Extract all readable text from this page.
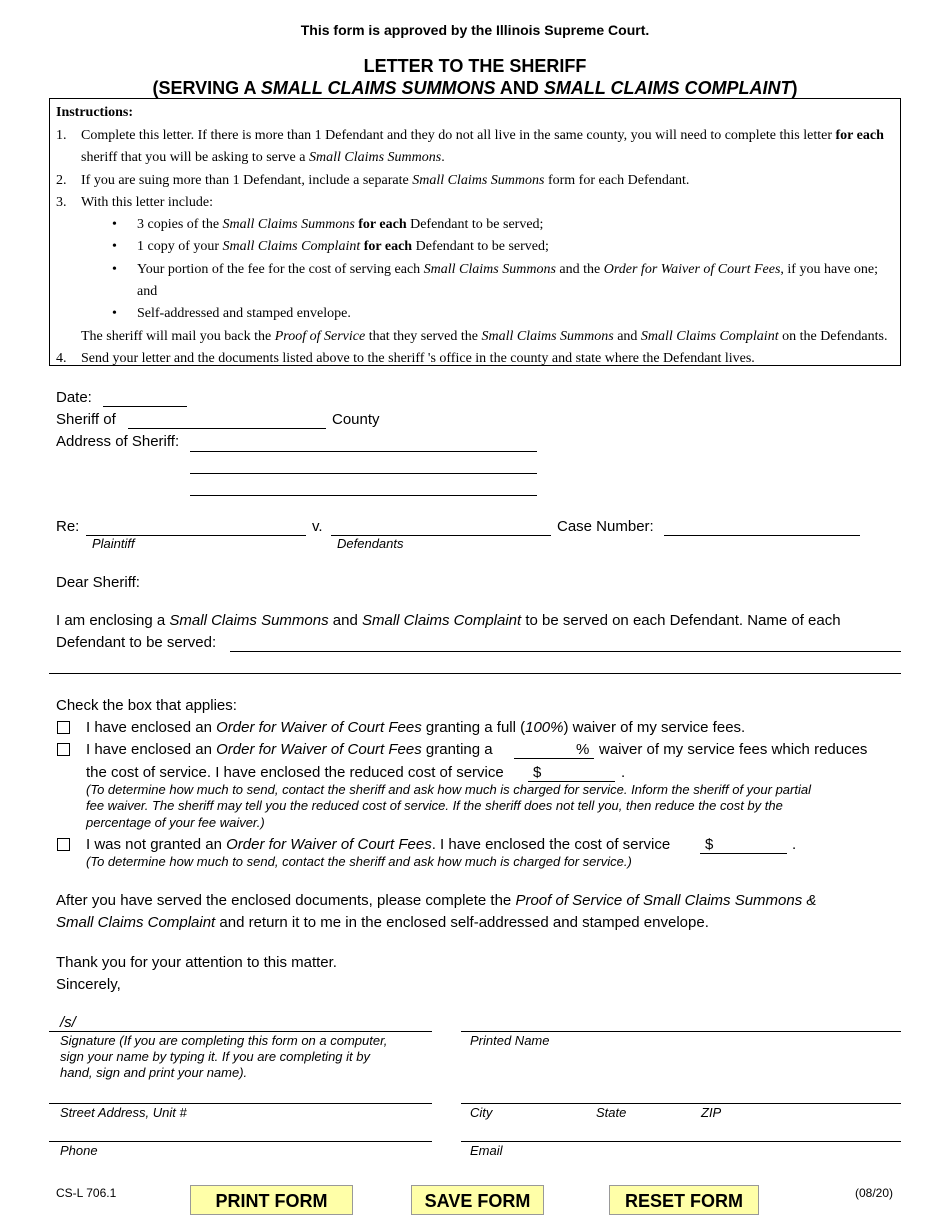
This form is approved by the Illinois Supreme Court.
LETTER TO THE SHERIFF
(SERVING A SMALL CLAIMS SUMMONS AND SMALL CLAIMS COMPLAINT)
Instructions:
1. Complete this letter. If there is more than 1 Defendant and they do not all live in the same county, you will need to complete this letter for each
sheriff that you will be asking to serve a Small Claims Summons.
2. If you are suing more than 1 Defendant, include a separate Small Claims Summons form for each Defendant.
3. With this letter include:
• 3 copies of the Small Claims Summons for each Defendant to be served;
• 1 copy of your Small Claims Complaint for each Defendant to be served;
• Your portion of the fee for the cost of serving each Small Claims Summons and the Order for Waiver of Court Fees, if you have one;
and
• Self-addressed and stamped envelope.
The sheriff will mail you back the Proof of Service that they served the Small Claims Summons and Small Claims Complaint on the Defendants.
4. Send your letter and the documents listed above to the sheriff 's office in the county and state where the Defendant lives.
Date:
Sheriff of	County
Address of Sheriff:
Re:	v.	Case Number:
Plaintiff	Defendants
Dear Sheriff:
I am enclosing a Small Claims Summons and Small Claims Complaint to be served on each Defendant. Name of each
Defendant to be served:
Check the box that applies:
I have enclosed an Order for Waiver of Court Fees granting a full (100%) waiver of my service fees.
I have enclosed an Order for Waiver of Court Fees granting a	% waiver of my service fees which reduces
the cost of service. I have enclosed the reduced cost of service $	.
(To determine how much to send, contact the sheriff and ask how much is charged for service. Inform the sheriff of your partial
fee waiver. The sheriff may tell you the reduced cost of service. If the sheriff does not tell you, then reduce the cost by the
percentage of your fee waiver.)
I was not granted an Order for Waiver of Court Fees. I have enclosed the cost of service $	.
(To determine how much to send, contact the sheriff and ask how much is charged for service.)
After you have served the enclosed documents, please complete the Proof of Service of Small Claims Summons &
Small Claims Complaint and return it to me in the enclosed self-addressed and stamped envelope.
Thank you for your attention to this matter.
Sincerely,
/s/
Signature (If you are completing this form on a computer,
sign your name by typing it. If you are completing it by
hand, sign and print your name).
Printed Name
Street Address, Unit #	City	State	ZIP
Phone	Email
CS-L 706.1	(08/20)
PRINT FORM	SAVE FORM	RESET FORM
